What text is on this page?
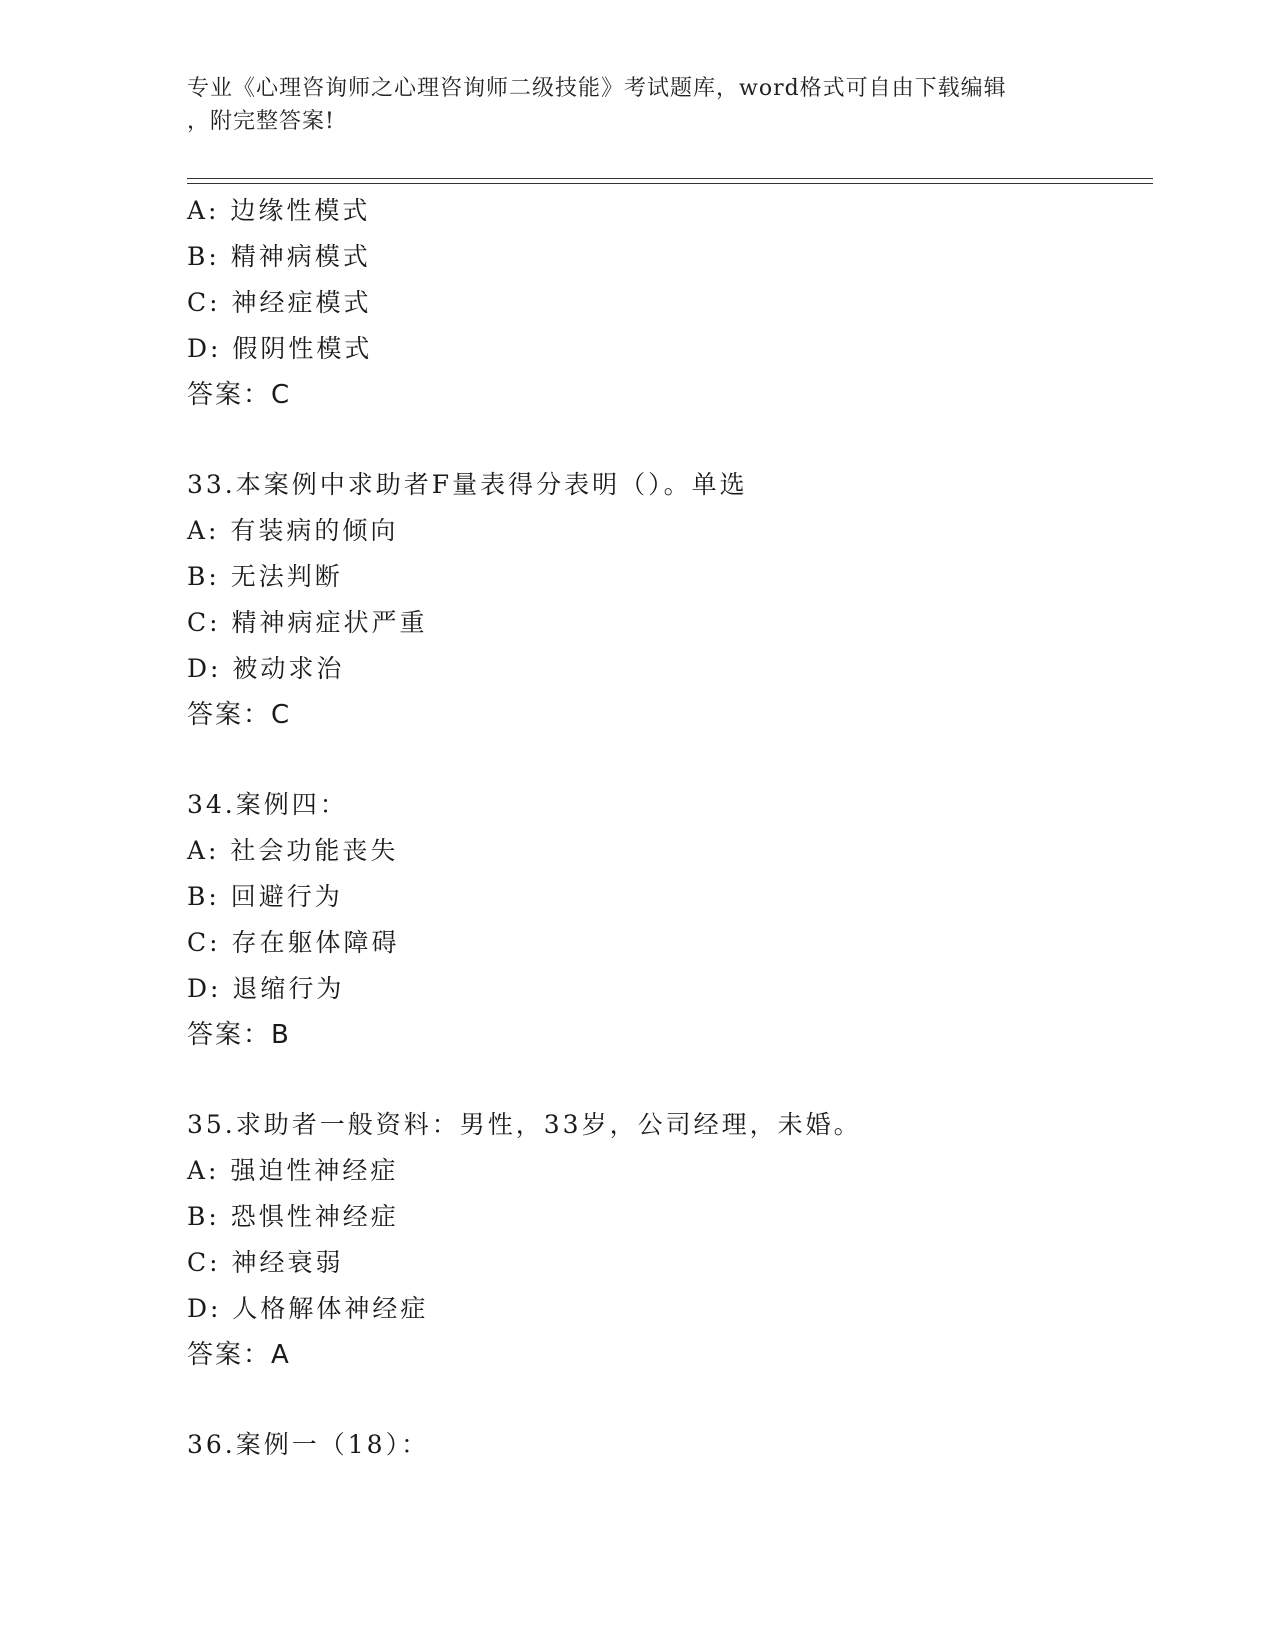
专业《心理咨询师之心理咨询师二级技能》考试题库，word格式可自由下载编辑
，附完整答案!
A: 边缘性模式
B: 精神病模式
C: 神经症模式
D: 假阴性模式
答案：C
33.本案例中求助者F量表得分表明（）。单选
A: 有装病的倾向
B: 无法判断
C: 精神病症状严重
D: 被动求治
答案：C
34.案例四：
A: 社会功能丧失
B: 回避行为
C: 存在躯体障碍
D: 退缩行为
答案：B
35.求助者一般资料：男性，33岁，公司经理，未婚。
A: 强迫性神经症
B: 恐惧性神经症
C: 神经衰弱
D: 人格解体神经症
答案：A
36.案例一（18）：
